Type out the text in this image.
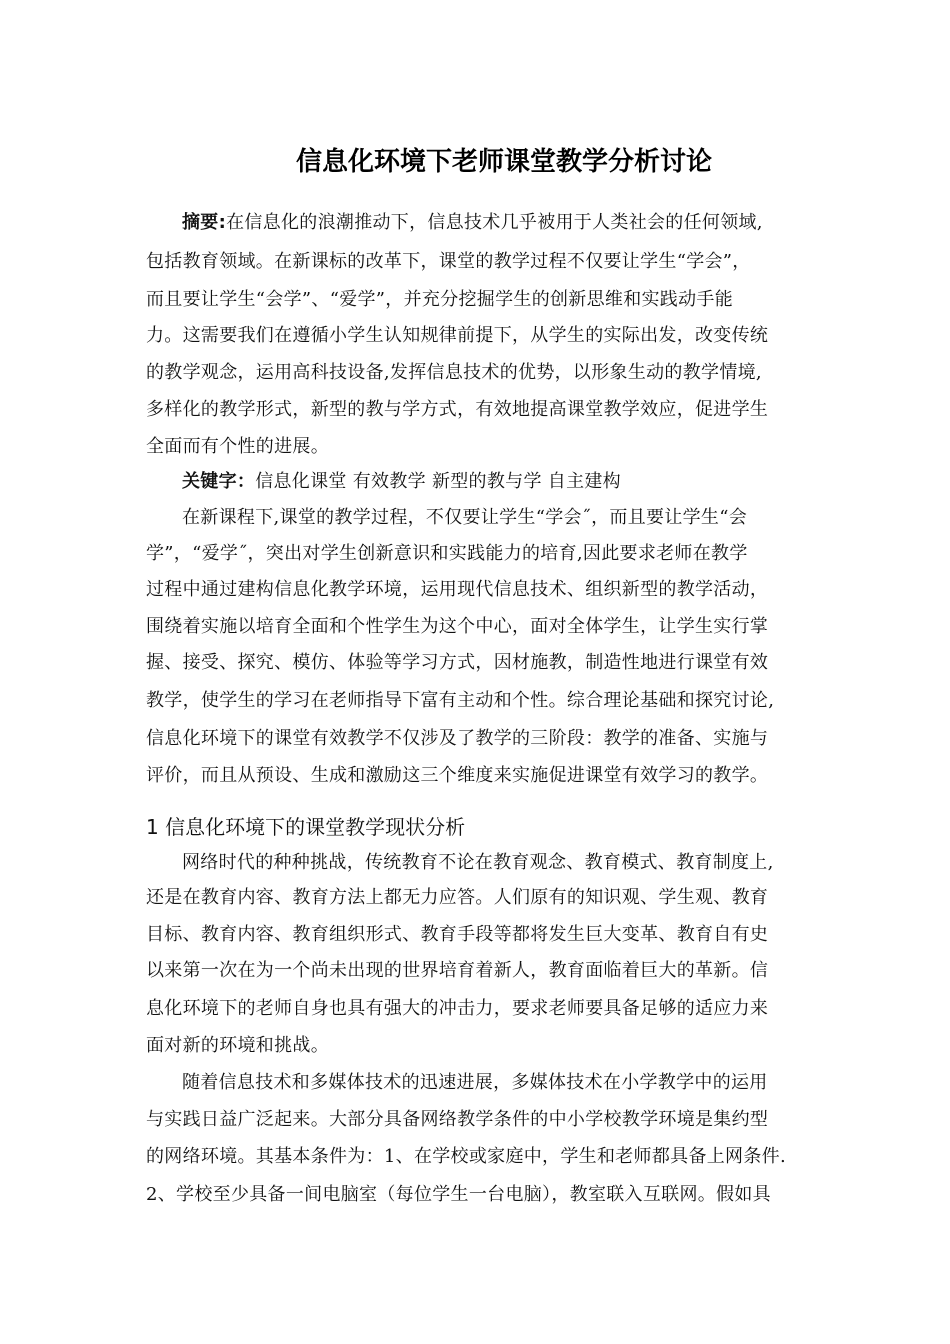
信息化环境下老师课堂教学分析讨论
摘要:在信息化的浪潮推动下，信息技术几乎被用于人类社会的任何领域,
包括教育领域。在新课标的改革下，课堂的教学过程不仅要让学生“学会”，
而且要让学生“会学”、“爱学”，并充分挖掘学生的创新思维和实践动手能
力。这需要我们在遵循小学生认知规律前提下，从学生的实际出发，改变传统
的教学观念，运用高科技设备,发挥信息技术的优势，以形象生动的教学情境,
多样化的教学形式，新型的教与学方式，有效地提高课堂教学效应，促进学生
全面而有个性的进展。
关键字：信息化课堂 有效教学 新型的教与学 自主建构
在新课程下,课堂的教学过程，不仅要让学生“学会˝，而且要让学生“会
学”，“爱学˝，突出对学生创新意识和实践能力的培育,因此要求老师在教学
过程中通过建构信息化教学环境，运用现代信息技术、组织新型的教学活动，
围绕着实施以培育全面和个性学生为这个中心，面对全体学生，让学生实行掌
握、接受、探究、模仿、体验等学习方式，因材施教，制造性地进行课堂有效
教学，使学生的学习在老师指导下富有主动和个性。综合理论基础和探究讨论,
信息化环境下的课堂有效教学不仅涉及了教学的三阶段：教学的准备、实施与
评价，而且从预设、生成和激励这三个维度来实施促进课堂有效学习的教学。
1 信息化环境下的课堂教学现状分析
网络时代的种种挑战，传统教育不论在教育观念、教育模式、教育制度上,
还是在教育内容、教育方法上都无力应答。人们原有的知识观、学生观、教育
目标、教育内容、教育组织形式、教育手段等都将发生巨大变革、教育自有史
以来第一次在为一个尚未出现的世界培育着新人，教育面临着巨大的革新。信
息化环境下的老师自身也具有强大的冲击力，要求老师要具备足够的适应力来
面对新的环境和挑战。
随着信息技术和多媒体技术的迅速进展，多媒体技术在小学教学中的运用
与实践日益广泛起来。大部分具备网络教学条件的中小学校教学环境是集约型
的网络环境。其基本条件为：1、在学校或家庭中，学生和老师都具备上网条件.
2、学校至少具备一间电脑室（每位学生一台电脑），教室联入互联网。假如具
